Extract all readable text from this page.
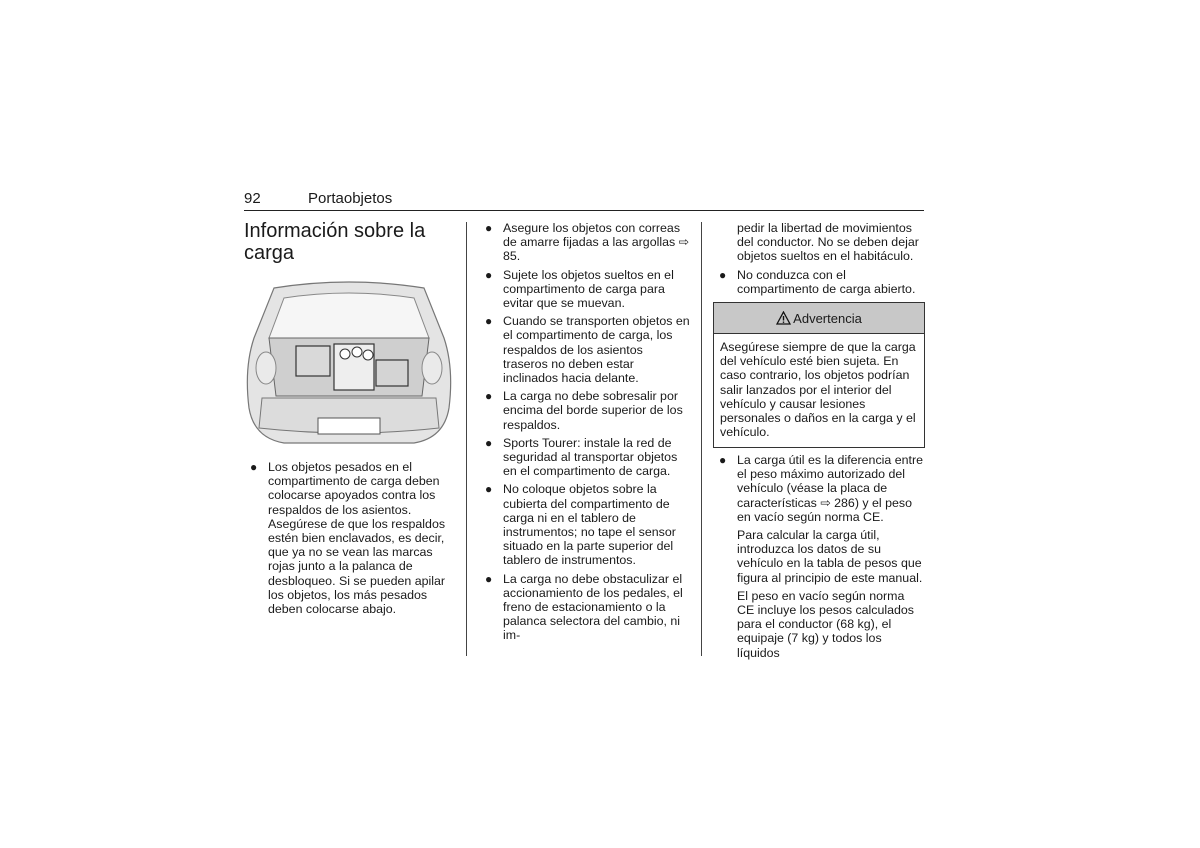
92	Portaobjetos
Información sobre la carga
● Los objetos pesados en el compartimento de carga deben colocarse apoyados contra los respaldos de los asientos. Asegúrese de que los respaldos estén bien enclavados, es decir, que ya no se vean las marcas rojas junto a la palanca de desbloqueo. Si se pueden apilar los objetos, los más pesados deben colocarse abajo.
● Asegure los objetos con correas de amarre fijadas a las argollas ⇨ 85.
● Sujete los objetos sueltos en el compartimento de carga para evitar que se muevan.
● Cuando se transporten objetos en el compartimento de carga, los respaldos de los asientos traseros no deben estar inclinados hacia delante.
● La carga no debe sobresalir por encima del borde superior de los respaldos.
● Sports Tourer: instale la red de seguridad al transportar objetos en el compartimento de carga.
● No coloque objetos sobre la cubierta del compartimento de carga ni en el tablero de instrumentos; no tape el sensor situado en la parte superior del tablero de instrumentos.
● La carga no debe obstaculizar el accionamiento de los pedales, el freno de estacionamiento o la palanca selectora del cambio, ni im-
pedir la libertad de movimientos del conductor. No se deben dejar objetos sueltos en el habitáculo.
● No conduzca con el compartimento de carga abierto.
Advertencia
Asegúrese siempre de que la carga del vehículo esté bien sujeta. En caso contrario, los objetos podrían salir lanzados por el interior del vehículo y causar lesiones personales o daños en la carga y el vehículo.
● La carga útil es la diferencia entre el peso máximo autorizado del vehículo (véase la placa de características ⇨ 286) y el peso en vacío según norma CE.
Para calcular la carga útil, introduzca los datos de su vehículo en la tabla de pesos que figura al principio de este manual.
El peso en vacío según norma CE incluye los pesos calculados para el conductor (68 kg), el equipaje (7 kg) y todos los líquidos
